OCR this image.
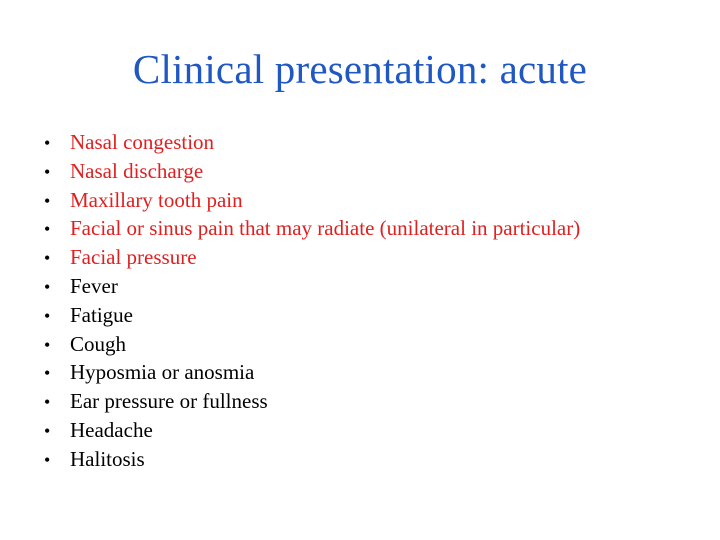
Clinical presentation: acute
• Nasal congestion
• Nasal discharge
• Maxillary tooth pain
• Facial or sinus pain that may radiate (unilateral in particular)
• Facial pressure
• Fever
• Fatigue
• Cough
• Hyposmia or anosmia
• Ear pressure or fullness
• Headache
• Halitosis
